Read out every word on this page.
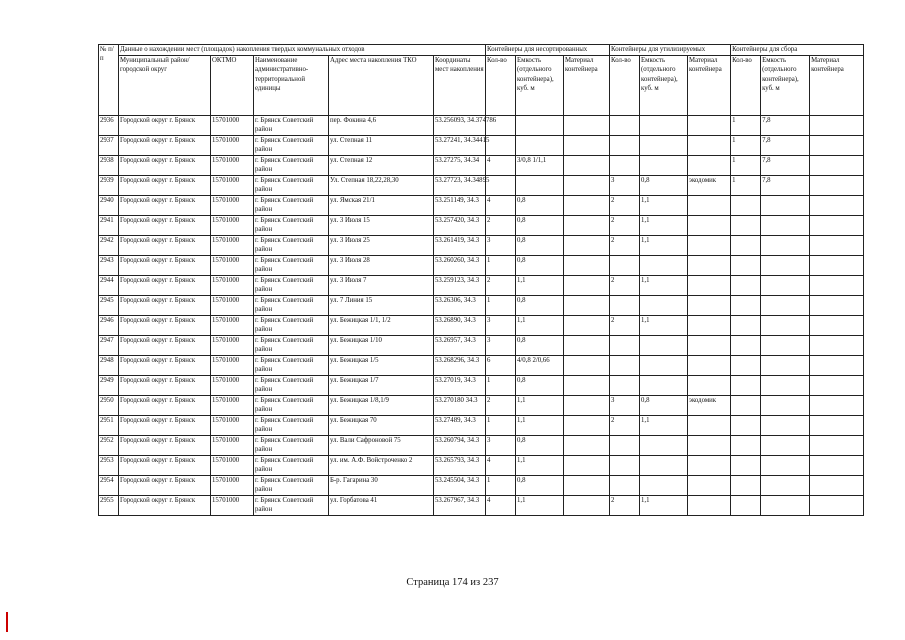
№ п/п	Данные о нахождении мест (площадок) накопления твердых коммунальных отходов					Контейнеры для несортированных			Контейнеры для утилизируемых			Контейнеры для сбора		
	Муниципальный район/городской округ	ОКТМО	Наименование административно-территориальной единицы	Адрес места накопления ТКО	Координаты мест накопления	Кол-во	Емкость (отдельного контейнера), куб. м	Материал контейнера	Кол-во	Емкость (отдельного контейнера), куб. м	Материал контейнера	Кол-во	Емкость (отдельного контейнера), куб. м	Материал контейнера
2936	Городской округ г. Брянск	15701000	г. Брянск Советский район	пер. Фокина 4,6	53.256093, 34.374786							1	7,8	
2937	Городской округ г. Брянск	15701000	г. Брянск Советский район	ул. Степная 11	53.27241, 34.34415							1	7,8	
2938	Городской округ г. Брянск	15701000	г. Брянск Советский район	ул. Степная 12	53.27275, 34.34	4	3/0,8 1/1,1					1	7,8	
2939	Городской округ г. Брянск	15701000	г. Брянск Советский район	Ул. Степная 18,22,28,30	53.27723, 34.34895				3	0,8	экодомик	1	7,8	
2940	Городской округ г. Брянск	15701000	г. Брянск Советский район	ул. Ямская 21/1	53.251149, 34.3	4	0,8		2	1,1				
2941	Городской округ г. Брянск	15701000	г. Брянск Советский район	ул. 3 Июля 15	53.257420, 34.3	2	0,8		2	1,1				
2942	Городской округ г. Брянск	15701000	г. Брянск Советский район	ул. 3 Июля 25	53.261419, 34.3	3	0,8		2	1,1				
2943	Городской округ г. Брянск	15701000	г. Брянск Советский район	ул. 3 Июля 28	53.260260, 34.3	1	0,8							
2944	Городской округ г. Брянск	15701000	г. Брянск Советский район	ул. 3 Июля 7	53.259123, 34.3	2	1,1		2	1,1				
2945	Городской округ г. Брянск	15701000	г. Брянск Советский район	ул. 7 Линия 15	53.26306, 34.3	1	0,8							
2946	Городской округ г. Брянск	15701000	г. Брянск Советский район	ул. Бежицкая 1/1, 1/2	53.26890, 34.3	3	1,1		2	1,1				
2947	Городской округ г. Брянск	15701000	г. Брянск Советский район	ул. Бежицкая 1/10	53.26957, 34.3	3	0,8							
2948	Городской округ г. Брянск	15701000	г. Брянск Советский район	ул. Бежицкая 1/5	53.268296, 34.3	6	4/0,8 2/0,66							
2949	Городской округ г. Брянск	15701000	г. Брянск Советский район	ул. Бежицкая 1/7	53.27019, 34.3	1	0,8							
2950	Городской округ г. Брянск	15701000	г. Брянск Советский район	ул. Бежицкая 1/8,1/9	53.270180 34.3	2	1,1		3	0,8	экодомик			
2951	Городской округ г. Брянск	15701000	г. Брянск Советский район	ул. Бежицкая 70	53.27489, 34.3	1	1,1		2	1,1				
2952	Городской округ г. Брянск	15701000	г. Брянск Советский район	ул. Вали Сафроновой 75	53.260794, 34.3	3	0,8							
2953	Городской округ г. Брянск	15701000	г. Брянск Советский район	ул. им. А.Ф. Войстроченко 2	53.265793, 34.3	4	1,1							
2954	Городской округ г. Брянск	15701000	г. Брянск Советский район	Б-р. Гагарина 30	53.245504, 34.3	1	0,8							
2955	Городской округ г. Брянск	15701000	г. Брянск Советский район	ул. Горбатова 41	53.267967, 34.3	4	1,1		2	1,1				
Страница 174 из 237
